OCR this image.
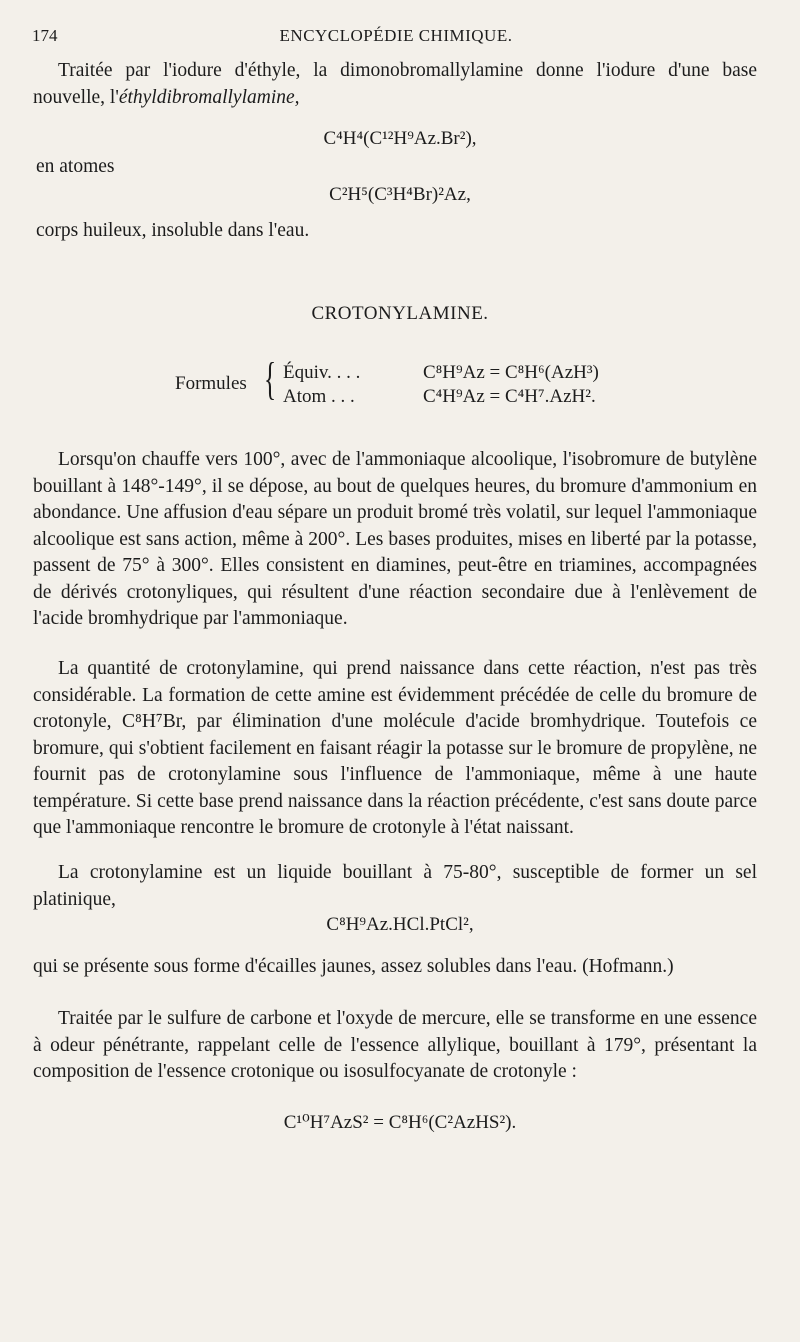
174	ENCYCLOPÉDIE CHIMIQUE.
Traitée par l'iodure d'éthyle, la dimonobromallylamine donne l'iodure d'une base nouvelle, l'éthyldibromallylamine,
C⁴H⁴(C¹²H⁹Az.Br²),
en atomes
C²H⁵(C³H⁴Br)²Az,
corps huileux, insoluble dans l'eau.
CROTONYLAMINE.
Formules { Équiv. . . .	C⁸H⁹Az = C⁸H⁶(AzH³)
Atom . . .	C⁴H⁹Az = C⁴H⁷.AzH².
Lorsqu'on chauffe vers 100°, avec de l'ammoniaque alcoolique, l'isobromure de butylène bouillant à 148°-149°, il se dépose, au bout de quelques heures, du bromure d'ammonium en abondance. Une affusion d'eau sépare un produit bromé très volatil, sur lequel l'ammoniaque alcoolique est sans action, même à 200°. Les bases produites, mises en liberté par la potasse, passent de 75° à 300°. Elles consistent en diamines, peut-être en triamines, accompagnées de dérivés crotonyliques, qui résultent d'une réaction secondaire due à l'enlèvement de l'acide bromhydrique par l'ammoniaque.
La quantité de crotonylamine, qui prend naissance dans cette réaction, n'est pas très considérable. La formation de cette amine est évidemment précédée de celle du bromure de crotonyle, C⁸H⁷Br, par élimination d'une molécule d'acide bromhydrique. Toutefois ce bromure, qui s'obtient facilement en faisant réagir la potasse sur le bromure de propylène, ne fournit pas de crotonylamine sous l'influence de l'ammoniaque, même à une haute température. Si cette base prend naissance dans la réaction précédente, c'est sans doute parce que l'ammoniaque rencontre le bromure de crotonyle à l'état naissant.
La crotonylamine est un liquide bouillant à 75-80°, susceptible de former un sel platinique,
C⁸H⁹Az.HCl.PtCl²,
qui se présente sous forme d'écailles jaunes, assez solubles dans l'eau. (Hofmann.)
Traitée par le sulfure de carbone et l'oxyde de mercure, elle se transforme en une essence à odeur pénétrante, rappelant celle de l'essence allylique, bouillant à 179°, présentant la composition de l'essence crotonique ou isosulfocyanate de crotonyle :
C¹⁰H⁷AzS² = C⁸H⁶(C²AzHS²).
